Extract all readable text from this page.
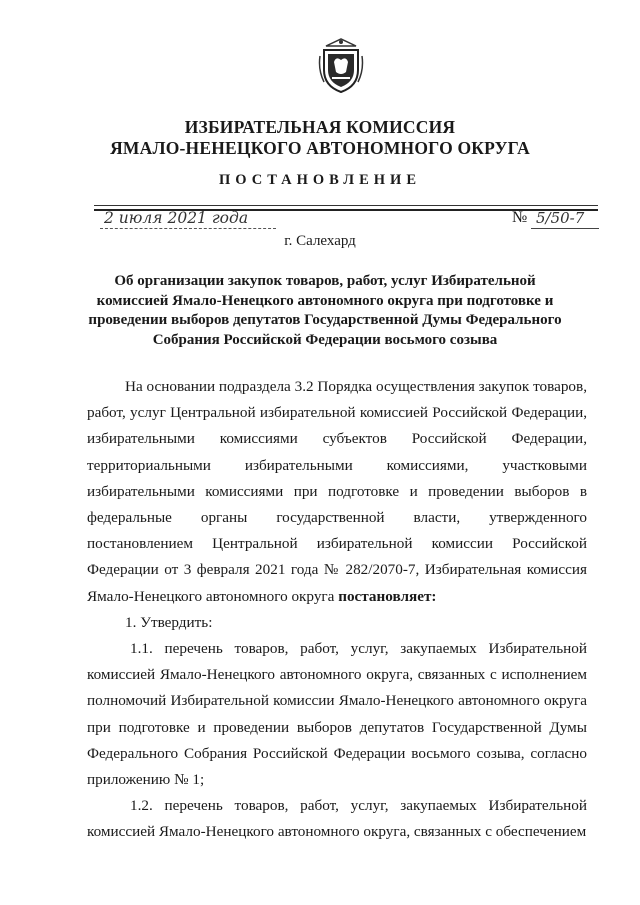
ИЗБИРАТЕЛЬНАЯ КОМИССИЯ
ЯМАЛО-НЕНЕЦКОГО АВТОНОМНОГО ОКРУГА
ПОСТАНОВЛЕНИЕ
2 июля 2021 года	№ 5/50-7
г. Салехард
Об организации закупок товаров, работ, услуг Избирательной комиссией Ямало-Ненецкого автономного округа при подготовке и проведении выборов депутатов Государственной Думы Федерального Собрания Российской Федерации восьмого созыва

На основании подраздела 3.2 Порядка осуществления закупок товаров, работ, услуг Центральной избирательной комиссией Российской Федерации, избирательными комиссиями субъектов Российской Федерации, территориальными избирательными комиссиями, участковыми избирательными комиссиями при подготовке и проведении выборов в федеральные органы государственной власти, утвержденного постановлением Центральной избирательной комиссии Российской Федерации от 3 февраля 2021 года № 282/2070-7, Избирательная комиссия Ямало-Ненецкого автономного округа постановляет:

1. Утвердить:

1.1. перечень товаров, работ, услуг, закупаемых Избирательной комиссией Ямало-Ненецкого автономного округа, связанных с исполнением полномочий Избирательной комиссии Ямало-Ненецкого автономного округа при подготовке и проведении выборов депутатов Государственной Думы Федерального Собрания Российской Федерации восьмого созыва, согласно приложению № 1;

1.2. перечень товаров, работ, услуг, закупаемых Избирательной комиссией Ямало-Ненецкого автономного округа, связанных с обеспечением
